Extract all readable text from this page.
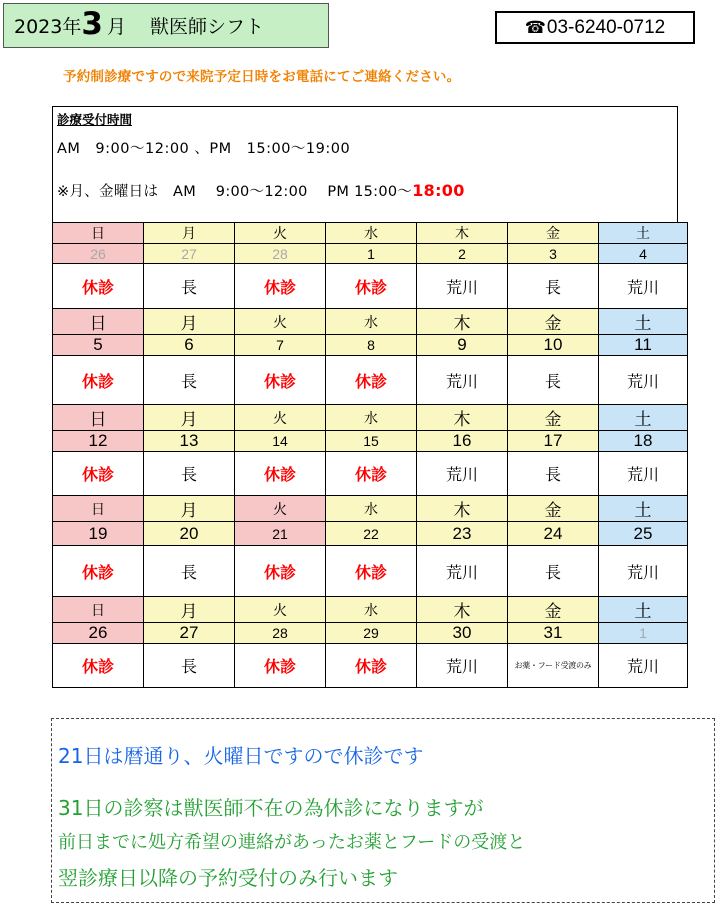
2023年 3 月 獣医師シフト	☎ 03-6240-0712
予約制診療ですので来院予定日時をお電話にてご連絡ください。
診療受付時間
AM　9:00～12:00 、PM　15:00～19:00
※月、金曜日は　AM　 9:00～12:00　 PM 15:00～18:00
日	月	火	水	木	金	土
26	27	28	1	2	3	4
休診	長	休診	休診	荒川	長	荒川
日	月	火	水	木	金	土
5	6	7	8	9	10	11
休診	長	休診	休診	荒川	長	荒川
日	月	火	水	木	金	土
12	13	14	15	16	17	18
休診	長	休診	休診	荒川	長	荒川
日	月	火	水	木	金	土
19	20	21	22	23	24	25
休診	長	休診	休診	荒川	長	荒川
日	月	火	水	木	金	土
26	27	28	29	30	31	1
休診	長	休診	休診	荒川	お薬・フード受渡のみ	荒川
21日は暦通り、火曜日ですので休診です
31日の診察は獣医師不在の為休診になりますが
前日までに処方希望の連絡があったお薬とフードの受渡と
翌診療日以降の予約受付のみ行います
